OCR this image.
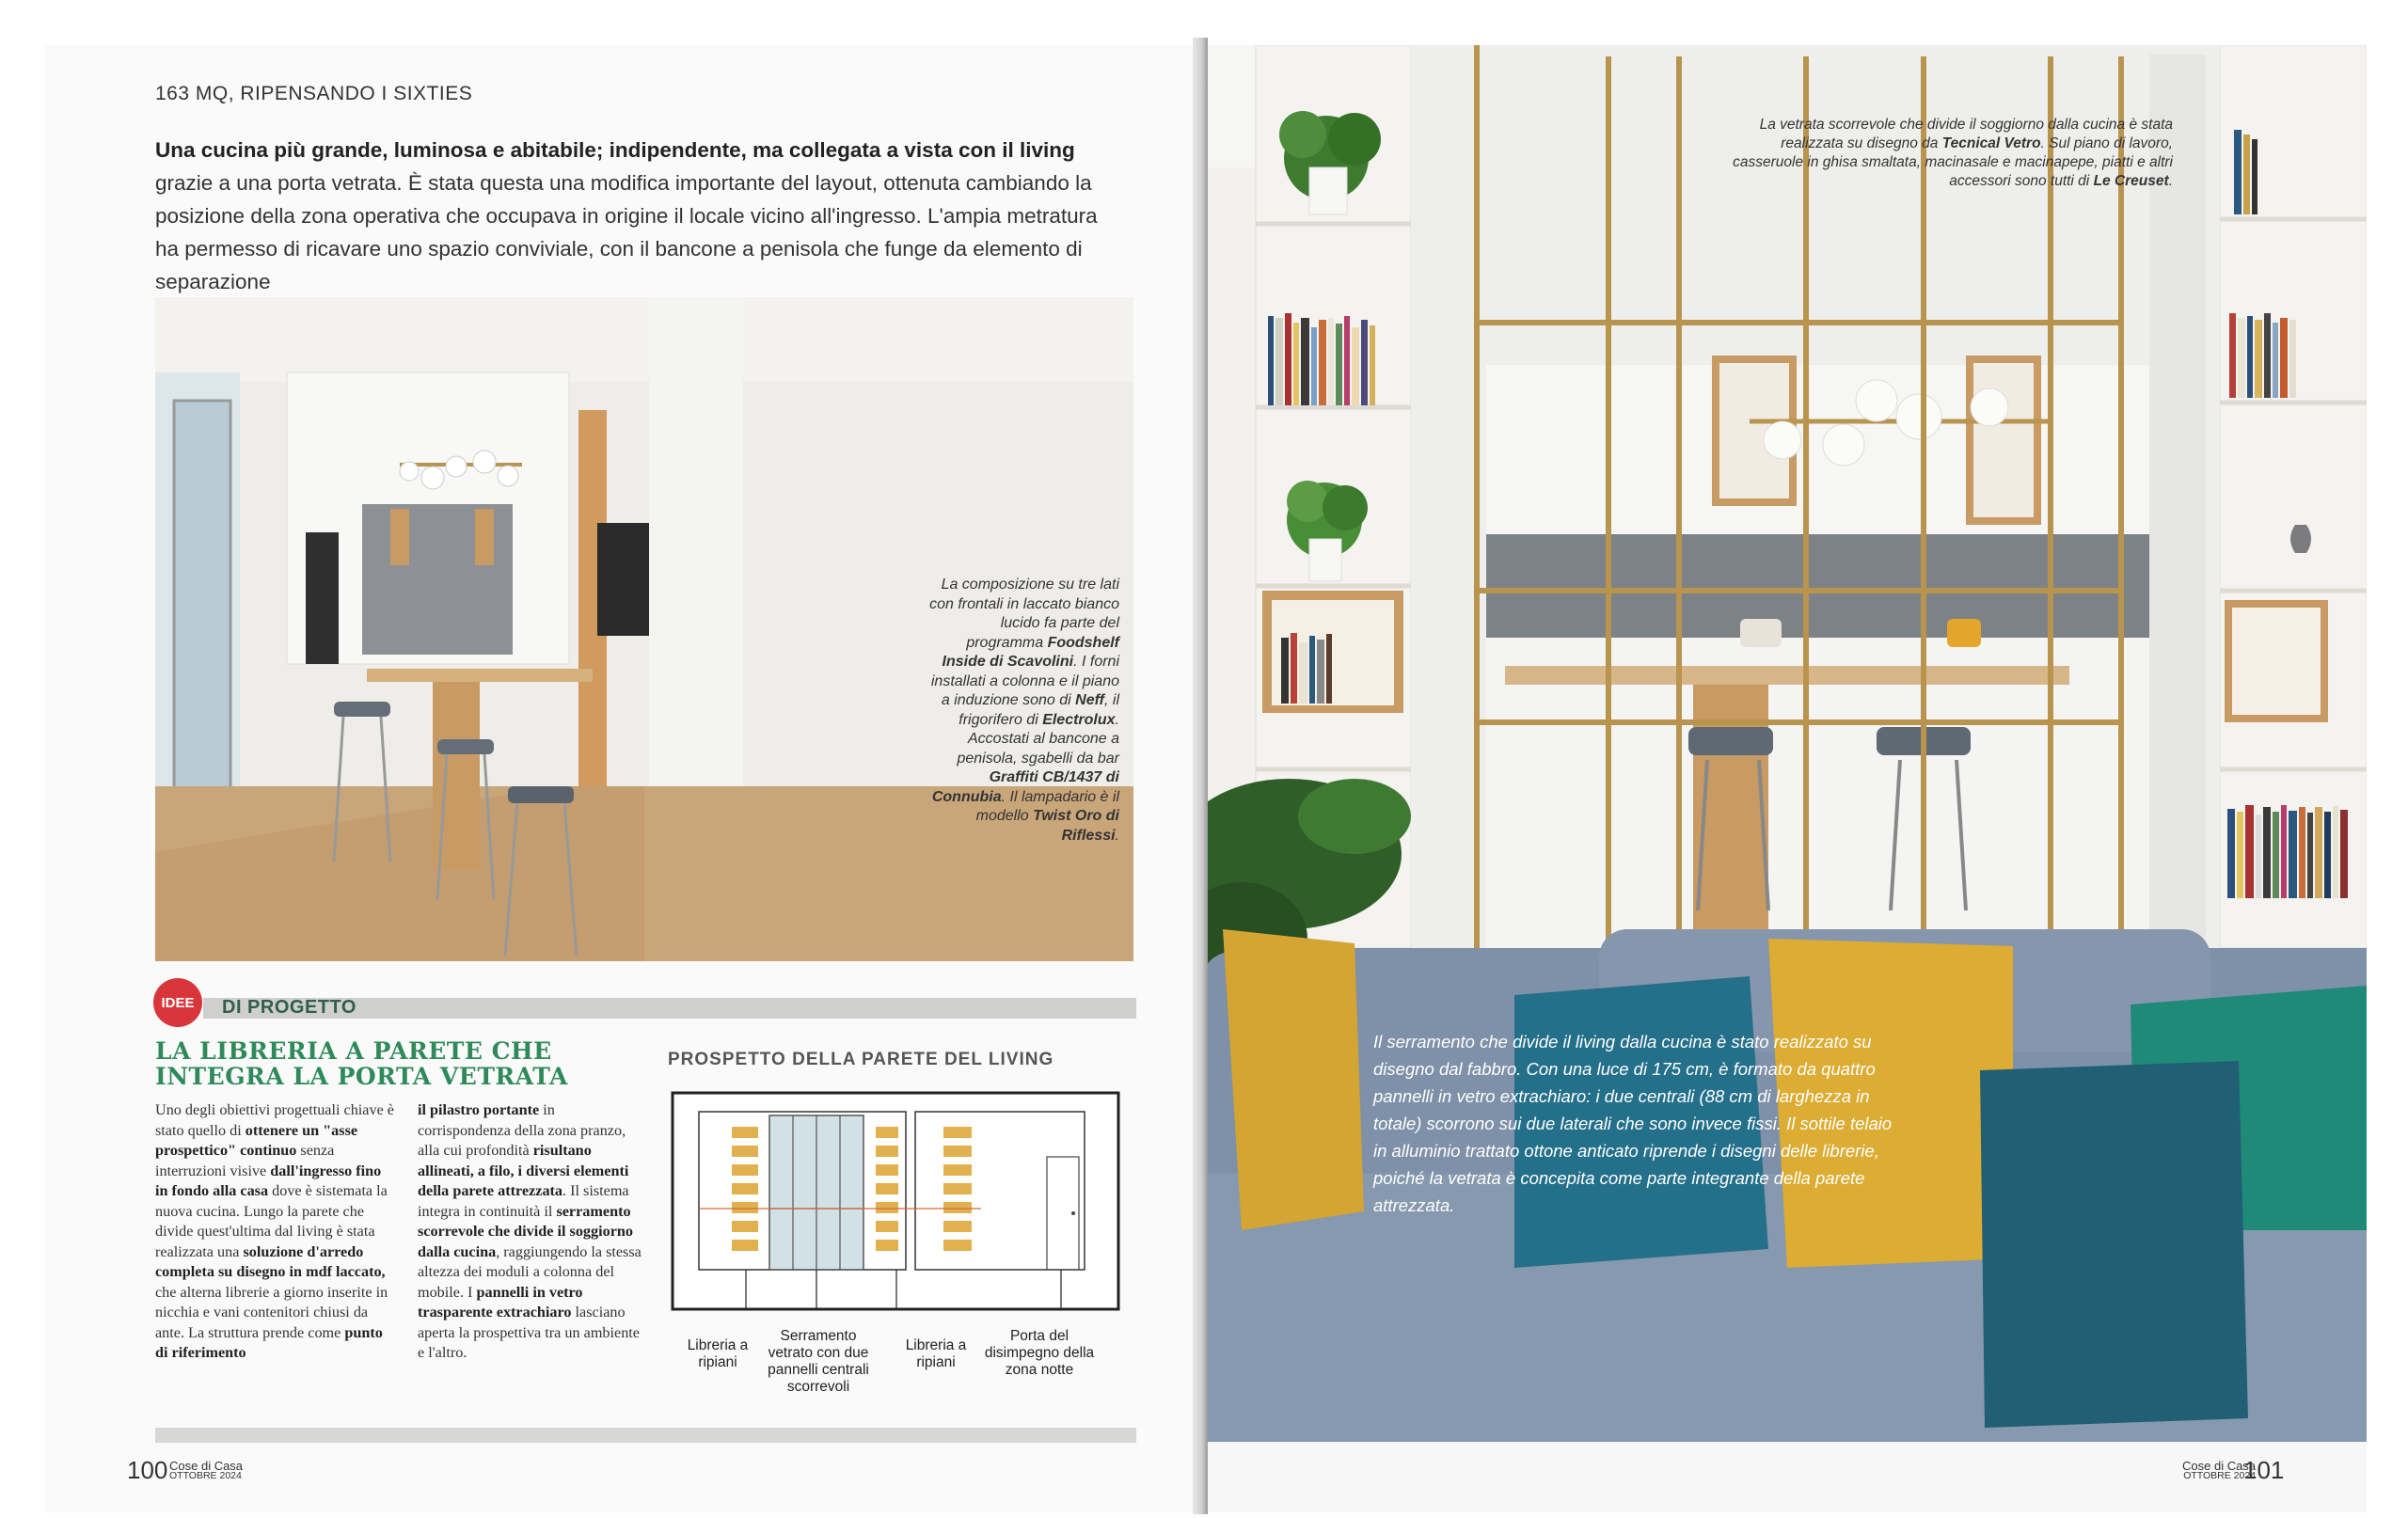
La vetrata scorrevole che divide il soggiorno dalla cucina è stata realizzata su disegno da Tecnical Vetro. Sul piano di lavoro, casseruole in ghisa smaltata, macinasale e macinapepe, piatti e altri accessori sono tutti di Le Creuset.
Il serramento che divide il living dalla cucina è stato realizzato su disegno dal fabbro. Con una luce di 175 cm, è formato da quattro pannelli in vetro extrachiaro: i due centrali (88 cm di larghezza in totale) scorrono sui due laterali che sono invece fissi. Il sottile telaio in alluminio trattato ottone anticato riprende i disegni delle librerie, poiché la vetrata è concepita come parte integrante della parete attrezzata.
101
Cose di Casa
OTTOBRE 2024
163 MQ, RIPENSANDO I SIXTIES
Una cucina più grande, luminosa e abitabile; indipendente, ma collegata a vista con il living grazie a una porta vetrata. È stata questa una modifica importante del layout, ottenuta cambiando la posizione della zona operativa che occupava in origine il locale vicino all'ingresso. L'ampia metratura ha permesso di ricavare uno spazio conviviale, con il bancone a penisola che funge da elemento di separazione
La composizione su tre lati con frontali in laccato bianco lucido fa parte del programma Foodshelf Inside di Scavolini. I forni installati a colonna e il piano a induzione sono di Neff, il frigorifero di Electrolux. Accostati al bancone a penisola, sgabelli da bar Graffiti CB/1437 di Connubia. Il lampadario è il modello Twist Oro di Riflessi.
IDEE	DI PROGETTO
LA LIBRERIA A PARETE CHE INTEGRA LA PORTA VETRATA
Uno degli obiettivi progettuali chiave è stato quello di ottenere un "asse prospettico" continuo senza interruzioni visive dall'ingresso fino in fondo alla casa dove è sistemata la nuova cucina. Lungo la parete che divide quest'ultima dal living è stata realizzata una soluzione d'arredo completa su disegno in mdf laccato, che alterna librerie a giorno inserite in nicchia e vani contenitori chiusi da ante. La struttura prende come punto di riferimento
il pilastro portante in corrispondenza della zona pranzo, alla cui profondità risultano allineati, a filo, i diversi elementi della parete attrezzata. Il sistema integra in continuità il serramento scorrevole che divide il soggiorno dalla cucina, raggiungendo la stessa altezza dei moduli a colonna del mobile. I pannelli in vetro trasparente extrachiaro lasciano aperta la prospettiva tra un ambiente e l'altro.
PROSPETTO DELLA PARETE DEL LIVING
Libreria a ripiani
Serramento vetrato con due pannelli centrali scorrevoli
Libreria a ripiani
Porta del disimpegno della zona notte
100 Cose di Casa
OTTOBRE 2024
